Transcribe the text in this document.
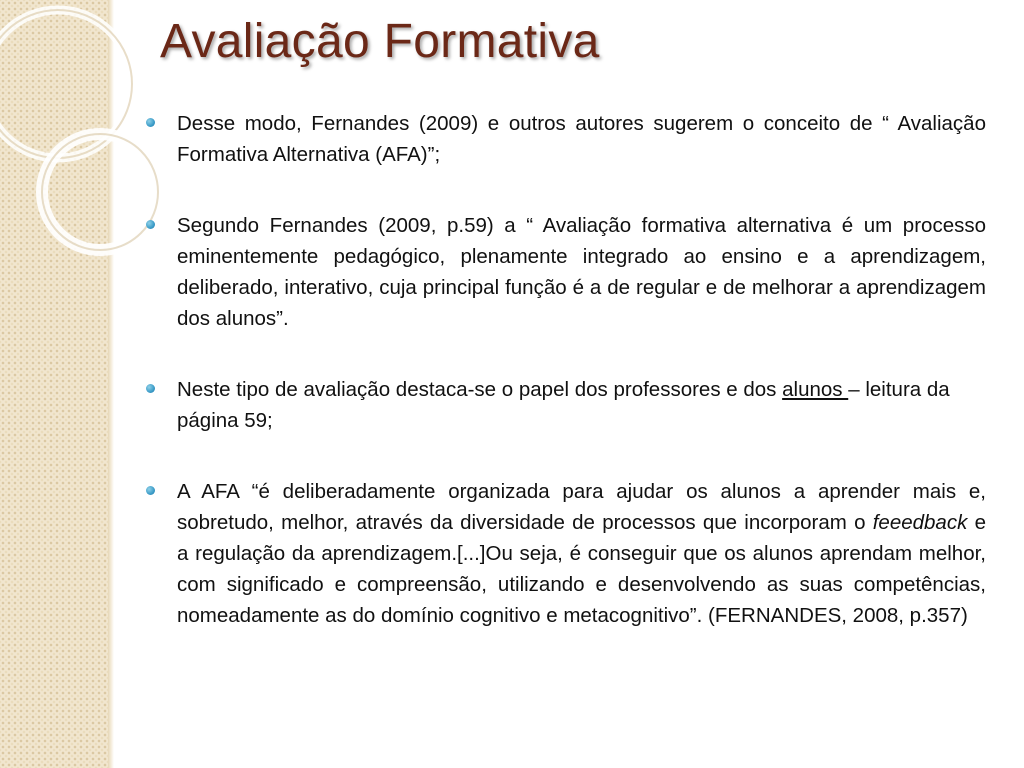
Avaliação Formativa
Desse modo, Fernandes (2009) e outros autores sugerem o conceito de “ Avaliação Formativa Alternativa (AFA)”;
Segundo Fernandes (2009, p.59) a “ Avaliação formativa alternativa é um processo eminentemente pedagógico, plenamente integrado ao ensino e a aprendizagem, deliberado, interativo, cuja principal função é a de regular e de melhorar a aprendizagem dos alunos”.
Neste tipo de avaliação destaca-se o papel dos professores e dos alunos – leitura da página 59;
A AFA “é deliberadamente organizada para ajudar os alunos a aprender mais e, sobretudo, melhor, através da diversidade de processos que incorporam o feeedback e a regulação da aprendizagem.[...]Ou seja, é conseguir que os alunos aprendam melhor, com significado e compreensão, utilizando e desenvolvendo as suas competências, nomeadamente as do domínio cognitivo e metacognitivo”. (FERNANDES, 2008, p.357)
